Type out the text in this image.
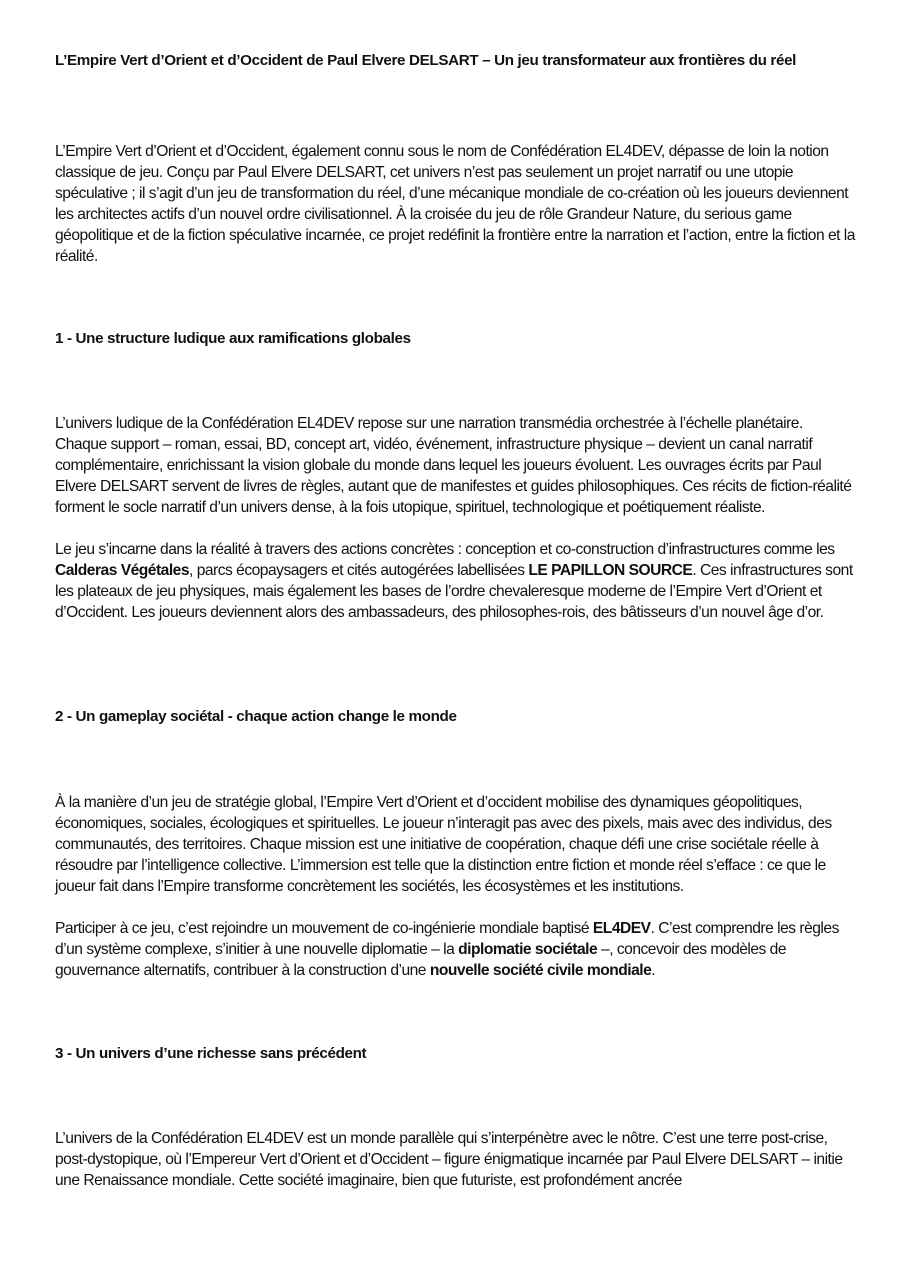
L’Empire Vert d’Orient et d’Occident de Paul Elvere DELSART – Un jeu transformateur aux frontières du réel

L’Empire Vert d’Orient et d’Occident, également connu sous le nom de Confédération EL4DEV, dépasse de loin la notion classique de jeu. Conçu par Paul Elvere DELSART, cet univers n’est pas seulement un projet narratif ou une utopie spéculative ; il s’agit d’un jeu de transformation du réel, d’une mécanique mondiale de co-création où les joueurs deviennent les architectes actifs d’un nouvel ordre civilisationnel. À la croisée du jeu de rôle Grandeur Nature, du serious game géopolitique et de la fiction spéculative incarnée, ce projet redéfinit la frontière entre la narration et l’action, entre la fiction et la réalité.

1 - Une structure ludique aux ramifications globales

L’univers ludique de la Confédération EL4DEV repose sur une narration transmédia orchestrée à l’échelle planétaire. Chaque support – roman, essai, BD, concept art, vidéo, événement, infrastructure physique – devient un canal narratif complémentaire, enrichissant la vision globale du monde dans lequel les joueurs évoluent. Les ouvrages écrits par Paul Elvere DELSART servent de livres de règles, autant que de manifestes et guides philosophiques. Ces récits de fiction-réalité forment le socle narratif d’un univers dense, à la fois utopique, spirituel, technologique et poétiquement réaliste.

Le jeu s’incarne dans la réalité à travers des actions concrètes : conception et co-construction d’infrastructures comme les Calderas Végétales, parcs écopaysagers et cités autogérées labellisées LE PAPILLON SOURCE. Ces infrastructures sont les plateaux de jeu physiques, mais également les bases de l’ordre chevaleresque moderne de l’Empire Vert d’Orient et d’Occident. Les joueurs deviennent alors des ambassadeurs, des philosophes-rois, des bâtisseurs d’un nouvel âge d’or.

2 - Un gameplay sociétal - chaque action change le monde

À la manière d’un jeu de stratégie global, l’Empire Vert d’Orient et d’occident mobilise des dynamiques géopolitiques, économiques, sociales, écologiques et spirituelles. Le joueur n’interagit pas avec des pixels, mais avec des individus, des communautés, des territoires. Chaque mission est une initiative de coopération, chaque défi une crise sociétale réelle à résoudre par l’intelligence collective. L’immersion est telle que la distinction entre fiction et monde réel s’efface : ce que le joueur fait dans l’Empire transforme concrètement les sociétés, les écosystèmes et les institutions.

Participer à ce jeu, c’est rejoindre un mouvement de co-ingénierie mondiale baptisé EL4DEV. C’est comprendre les règles d’un système complexe, s’initier à une nouvelle diplomatie – la diplomatie sociétale –, concevoir des modèles de gouvernance alternatifs, contribuer à la construction d’une nouvelle société civile mondiale.

3 - Un univers d’une richesse sans précédent

L’univers de la Confédération EL4DEV est un monde parallèle qui s’interpénètre avec le nôtre. C’est une terre post-crise, post-dystopique, où l’Empereur Vert d’Orient et d’Occident – figure énigmatique incarnée par Paul Elvere DELSART – initie une Renaissance mondiale. Cette société imaginaire, bien que futuriste, est profondément ancrée
